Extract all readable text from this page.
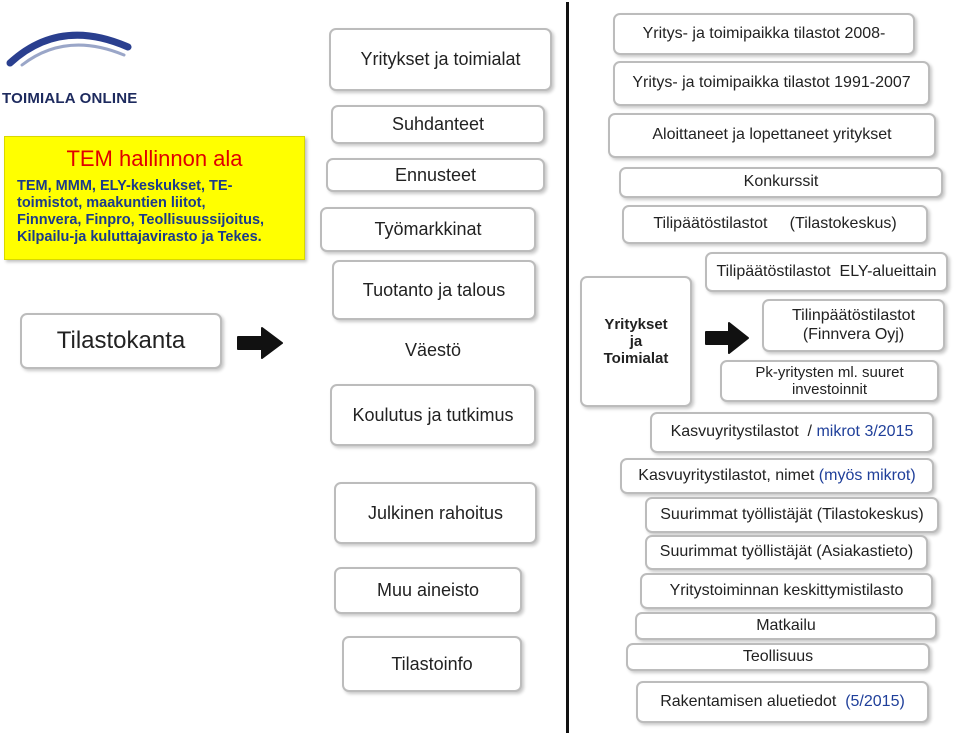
TOIMIALA ONLINE
TEM hallinnon ala
TEM, MMM, ELY-keskukset, TE-
toimistot, maakuntien liitot,
Finnvera, Finpro, Teollisuussijoitus,
Kilpailu-ja kuluttajavirasto ja Tekes.
Tilastokanta
Yritykset ja toimialat
Suhdanteet
Ennusteet
Työmarkkinat
Tuotanto ja talous
Väestö
Koulutus ja tutkimus
Julkinen rahoitus
Muu aineisto
Tilastoinfo
Yritykset
ja
Toimialat
Yritys- ja toimipaikka tilastot 2008-
Yritys- ja toimipaikka tilastot 1991-2007
Aloittaneet ja lopettaneet yritykset
Konkurssit
Tilipäätöstilastot     (Tilastokeskus)
Tilipäätöstilastot  ELY-alueittain
Tilinpäätöstilastot
(Finnvera Oyj)
Pk-yritysten ml. suuret
investoinnit
Kasvuyritystilastot  / mikrot 3/2015
Kasvuyritystilastot, nimet (myös mikrot)
Suurimmat työllistäjät (Tilastokeskus)
Suurimmat työllistäjät (Asiakastieto)
Yritystoiminnan keskittymistilasto
Matkailu
Teollisuus
Rakentamisen aluetiedot (5/2015)
